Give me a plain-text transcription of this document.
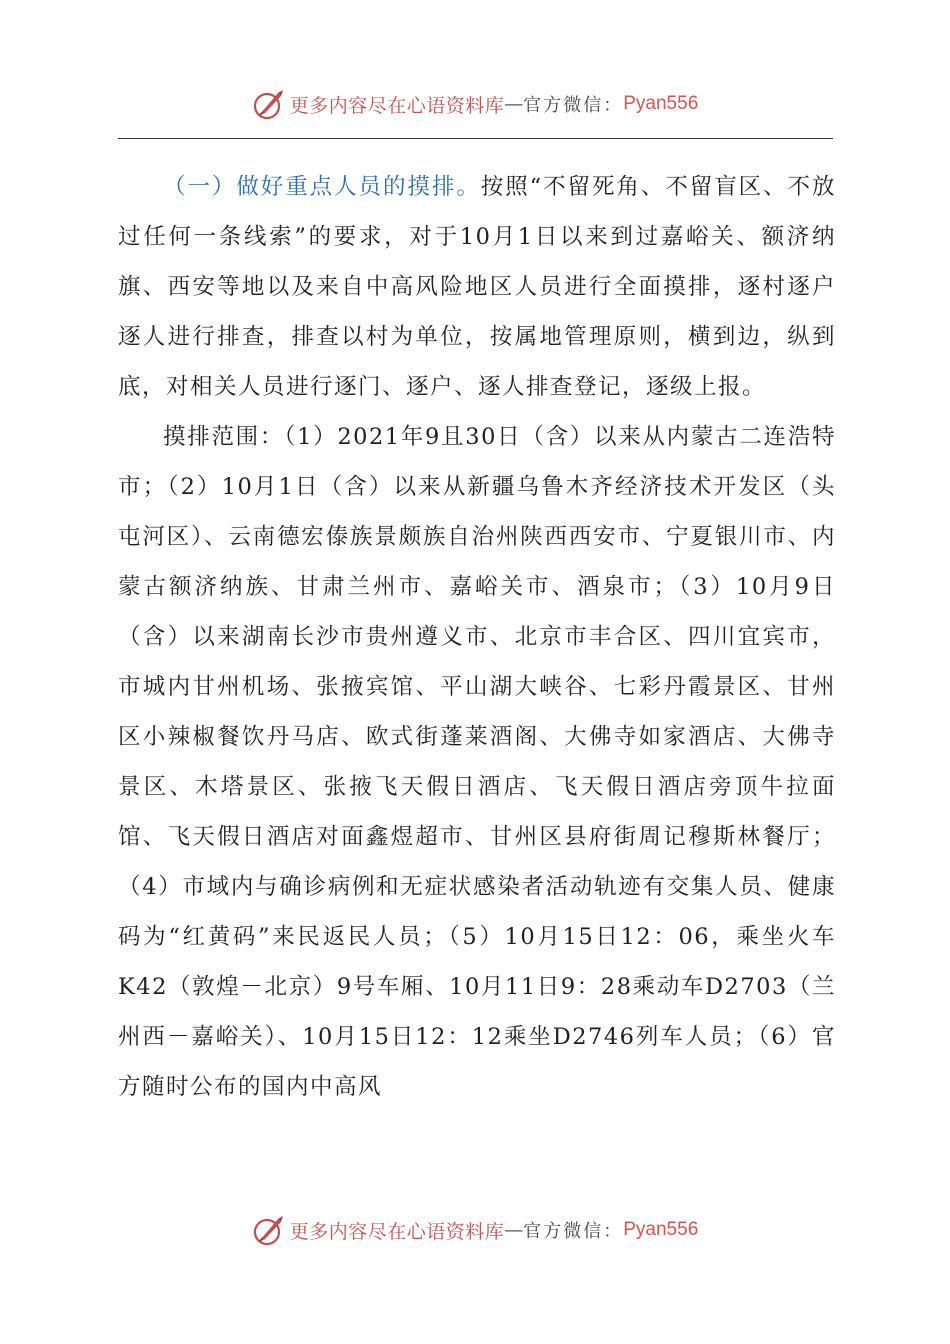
更多内容尽在心语资料库 — 官方微信： Pyan556

（一）做好重点人员的摸排。按照“不留死角、不留盲区、不放过任何一条线索”的要求，对于10月1日以来到过嘉峪关、额济纳旗、西安等地以及来自中高风险地区人员进行全面摸排，逐村逐户逐人进行排查，排查以村为单位，按属地管理原则，横到边，纵到底，对相关人员进行逐门、逐户、逐人排查登记，逐级上报。

摸排范围：（1）2021年9且30日（含）以来从内蒙古二连浩特市；（2）10月1日（含）以来从新疆乌鲁木齐经济技术开发区（头屯河区）、云南德宏傣族景颇族自治州陕西西安市、宁夏银川市、内蒙古额济纳族、甘肃兰州市、嘉峪关市、酒泉市；（3）10月9日（含）以来湖南长沙市贵州遵义市、北京市丰合区、四川宜宾市，市城内甘州机场、张掖宾馆、平山湖大峡谷、七彩丹霞景区、甘州区小辣椒餐饮丹马店、欧式街蓬莱酒阁、大佛寺如家酒店、大佛寺景区、木塔景区、张掖飞天假日酒店、飞天假日酒店旁顶牛拉面馆、飞天假日酒店对面鑫煜超市、甘州区县府街周记穆斯林餐厅；（4）市域内与确诊病例和无症状感染者活动轨迹有交集人员、健康码为“红黄码”来民返民人员；（5）10月15日12：06，乘坐火车K42（敦煌－北京）9号车厢、10月11日9：28乘动车D2703（兰州西－嘉峪关）、10月15日12：12乘坐D2746列车人员；（6）官方随时公布的国内中高风

更多内容尽在心语资料库 — 官方微信： Pyan556
